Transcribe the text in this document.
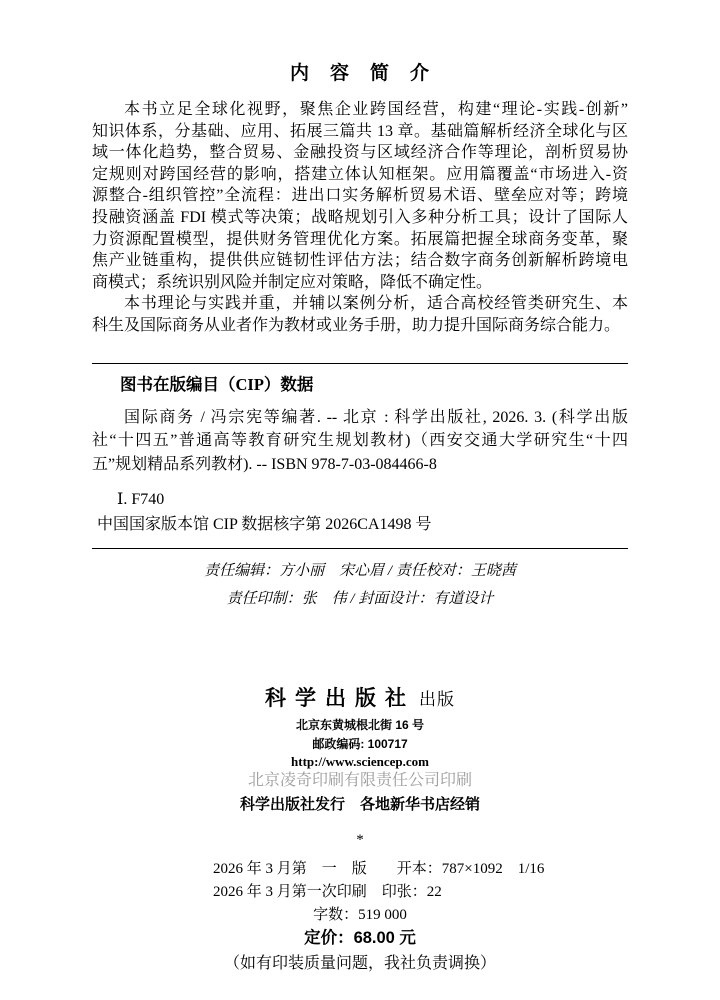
内　容　简　介
本书立足全球化视野，聚焦企业跨国经营，构建“理论-实践-创新”
知识体系，分基础、应用、拓展三篇共 13 章。基础篇解析经济全球化与区
域一体化趋势，整合贸易、金融投资与区域经济合作等理论，剖析贸易协
定规则对跨国经营的影响，搭建立体认知框架。应用篇覆盖“市场进入-资
源整合-组织管控”全流程：进出口实务解析贸易术语、壁垒应对等；跨境
投融资涵盖 FDI 模式等决策；战略规划引入多种分析工具；设计了国际人
力资源配置模型，提供财务管理优化方案。拓展篇把握全球商务变革，聚
焦产业链重构，提供供应链韧性评估方法；结合数字商务创新解析跨境电
商模式；系统识别风险并制定应对策略，降低不确定性。
本书理论与实践并重，并辅以案例分析，适合高校经管类研究生、本
科生及国际商务从业者作为教材或业务手册，助力提升国际商务综合能力。
图书在版编目（CIP）数据
国际商务 / 冯宗宪等编著. -- 北京 : 科学出版社, 2026. 3. (科学出版
社“十四五”普通高等教育研究生规划教材)（西安交通大学研究生“十四
五”规划精品系列教材). -- ISBN 978-7-03-084466-8
Ⅰ. F740
中国国家版本馆 CIP 数据核字第 2026CA1498 号
责任编辑：方小丽　宋心眉 / 责任校对：王晓茜
责任印制：张　伟 / 封面设计：有道设计
科学出版社 出版
北京东黄城根北街 16 号
邮政编码: 100717
http://www.sciencep.com
北京凌奇印刷有限责任公司印刷
科学出版社发行　各地新华书店经销
*
2026 年 3 月第　一　版　　开本：787×1092　1/16
2026 年 3 月第一次印刷　印张：22
字数：519 000
定价：68.00 元
（如有印装质量问题，我社负责调换）
